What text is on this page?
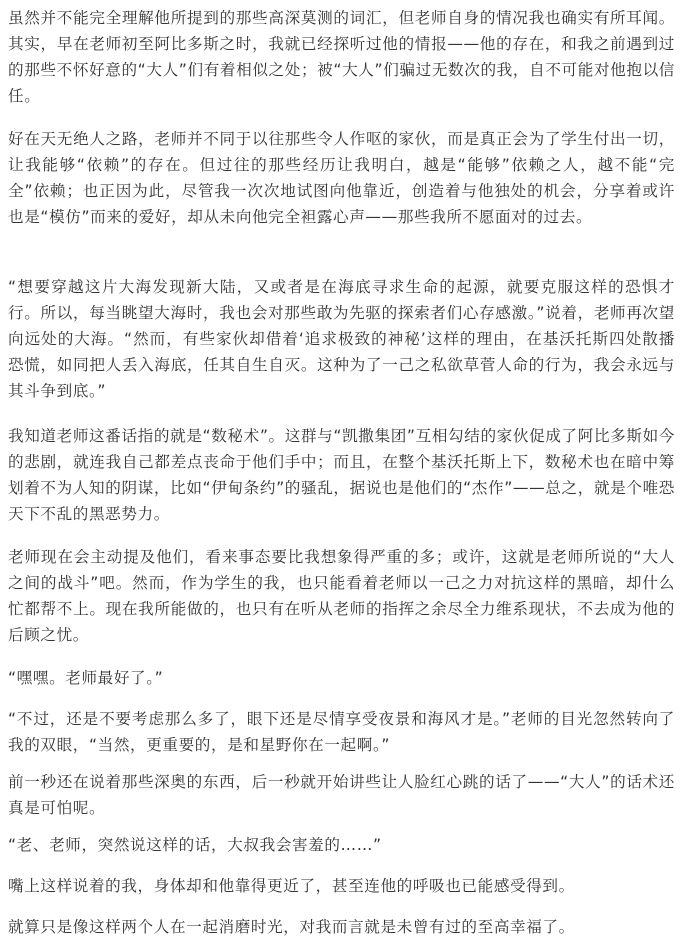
虽然并不能完全理解他所提到的那些高深莫测的词汇，但老师自身的情况我也确实有所耳闻。其实，早在老师初至阿比多斯之时，我就已经探听过他的情报——他的存在，和我之前遇到过的那些不怀好意的“大人”们有着相似之处；被“大人”们骗过无数次的我，自不可能对他抱以信任。

好在天无绝人之路，老师并不同于以往那些令人作呕的家伙，而是真正会为了学生付出一切，让我能够“依赖”的存在。但过往的那些经历让我明白，越是“能够”依赖之人，越不能“完全”依赖；也正因为此，尽管我一次次地试图向他靠近，创造着与他独处的机会，分享着或许也是“模仿”而来的爱好，却从未向他完全袒露心声——那些我所不愿面对的过去。

“想要穿越这片大海发现新大陆，又或者是在海底寻求生命的起源，就要克服这样的恐惧才行。所以，每当眺望大海时，我也会对那些敢为先驱的探索者们心存感激。”说着，老师再次望向远处的大海。“然而，有些家伙却借着‘追求极致的神秘’这样的理由，在基沃托斯四处散播恐慌，如同把人丢入海底，任其自生自灭。这种为了一己之私欲草菅人命的行为，我会永远与其斗争到底。”

我知道老师这番话指的就是“数秘术”。这群与“凯撒集团”互相勾结的家伙促成了阿比多斯如今的悲剧，就连我自己都差点丧命于他们手中；而且，在整个基沃托斯上下，数秘术也在暗中筹划着不为人知的阴谋，比如“伊甸条约”的骚乱，据说也是他们的“杰作”——总之，就是个唯恐天下不乱的黑恶势力。

老师现在会主动提及他们，看来事态要比我想象得严重的多；或许，这就是老师所说的“大人之间的战斗”吧。然而，作为学生的我，也只能看着老师以一己之力对抗这样的黑暗，却什么忙都帮不上。现在我所能做的，也只有在听从老师的指挥之余尽全力维系现状，不去成为他的后顾之忧。

“嘿嘿。老师最好了。”

“不过，还是不要考虑那么多了，眼下还是尽情享受夜景和海风才是。”老师的目光忽然转向了我的双眼，“当然，更重要的，是和星野你在一起啊。”

前一秒还在说着那些深奥的东西，后一秒就开始讲些让人脸红心跳的话了——“大人”的话术还真是可怕呢。

“老、老师，突然说这样的话，大叔我会害羞的……”

嘴上这样说着的我，身体却和他靠得更近了，甚至连他的呼吸也已能感受得到。

就算只是像这样两个人在一起消磨时光，对我而言就是未曾有过的至高幸福了。
